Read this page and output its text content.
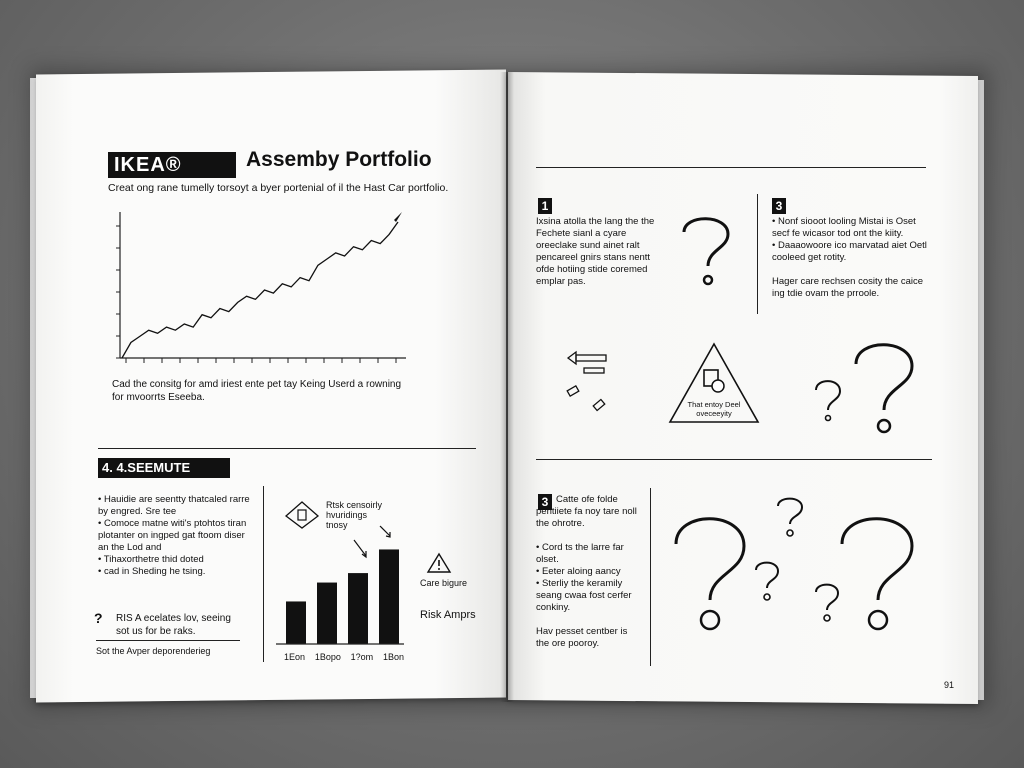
IKEA®	Assemby Portfolio
Creat ong rane tumelly torsoyt a byer portenial of il the Hast Car portfolio.
Cad the consitg for amd iriest ente pet tay Keing Userd a rowning for mvoorrts Eseeba.
4. 4.SEEMUTE
• Hauidie are seentty thatcaled rarre by engred. Sre tee
• Comoce matne witi's ptohtos tiran plotanter on ingped gat ftoom diser an the Lod and
• Tihaxorthetre thid doted
• cad in Sheding he tsing.
? RIS A ecelates lov, seeing sot us for be raks.
Sot the Avper deporenderieg
Rtsk censoirly hvuridings tnosy
1Eon 1Bopo 1?om 1Bon
Care bigure
Risk Amprs
1
Ixsina atolla the lang the the Fechete sianl a cyare oreeclake sund ainet ralt pencareel gnirs stans nentt ofde hotiing stide coremed emplar pas.
3
• Nonf siooot looling Mistai is Oset secf fe wicasor tod ont the kiity.
• Daaaowoore ico marvatad aiet Oetl cooleed get rotity.

Hager care rechsen cosity the caice ing tdie ovam the prroole.
That entoy Deel oveceeyity
3 Catte ofe folde pentiiete fa noy tare noll the ohrotre.

• Cord ts the larre far olset.
• Eeter aloing aancy
• Sterliy the keramily seang cwaa fost cerfer conkiny.

Hav pesset centber is the ore pooroy.
91
